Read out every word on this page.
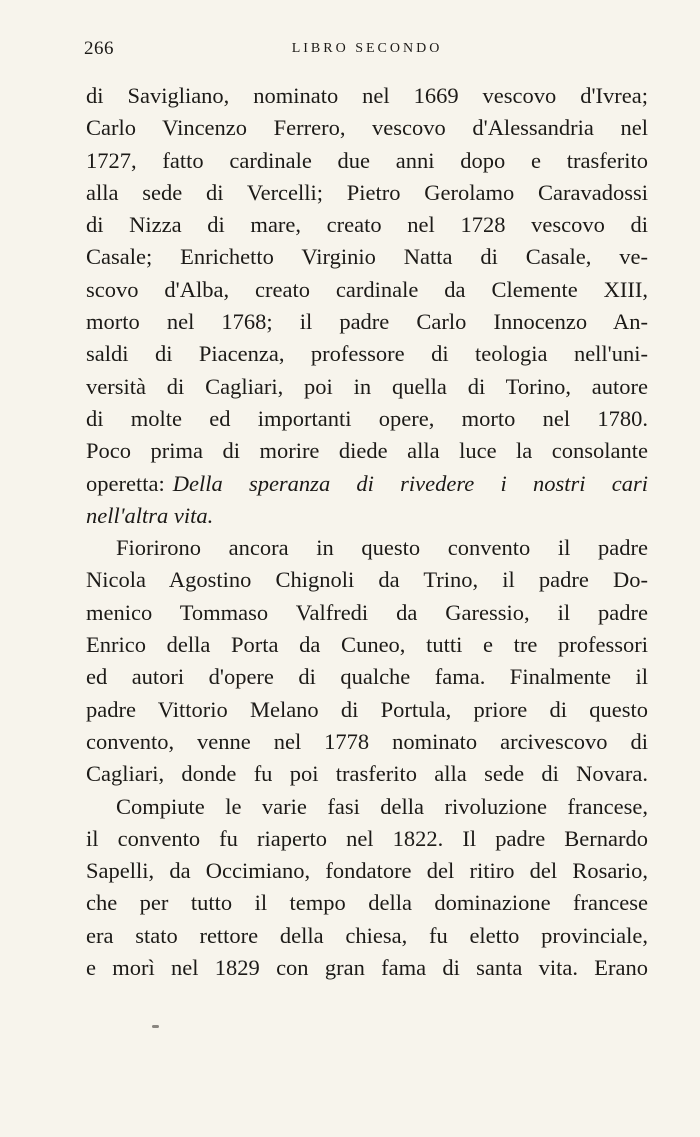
266	LIBRO SECONDO
di Savigliano, nominato nel 1669 vescovo d'Ivrea;
Carlo Vincenzo Ferrero, vescovo d'Alessandria nel
1727, fatto cardinale due anni dopo e trasferito
alla sede di Vercelli; Pietro Gerolamo Caravadossi
di Nizza di mare, creato nel 1728 vescovo di
Casale; Enrichetto Virginio Natta di Casale, ve-
scovo d'Alba, creato cardinale da Clemente XIII,
morto nel 1768; il padre Carlo Innocenzo An-
saldi di Piacenza, professore di teologia nell'uni-
versità di Cagliari, poi in quella di Torino, autore
di molte ed importanti opere, morto nel 1780.
Poco prima di morire diede alla luce la consolante
operetta: Della speranza di rivedere i nostri cari
nell'altra vita.
Fiorirono ancora in questo convento il padre
Nicola Agostino Chignoli da Trino, il padre Do-
menico Tommaso Valfredi da Garessio, il padre
Enrico della Porta da Cuneo, tutti e tre professori
ed autori d'opere di qualche fama. Finalmente il
padre Vittorio Melano di Portula, priore di questo
convento, venne nel 1778 nominato arcivescovo di
Cagliari, donde fu poi trasferito alla sede di Novara.
Compiute le varie fasi della rivoluzione francese,
il convento fu riaperto nel 1822. Il padre Bernardo
Sapelli, da Occimiano, fondatore del ritiro del Rosario,
che per tutto il tempo della dominazione francese
era stato rettore della chiesa, fu eletto provinciale,
e morì nel 1829 con gran fama di santa vita. Erano
